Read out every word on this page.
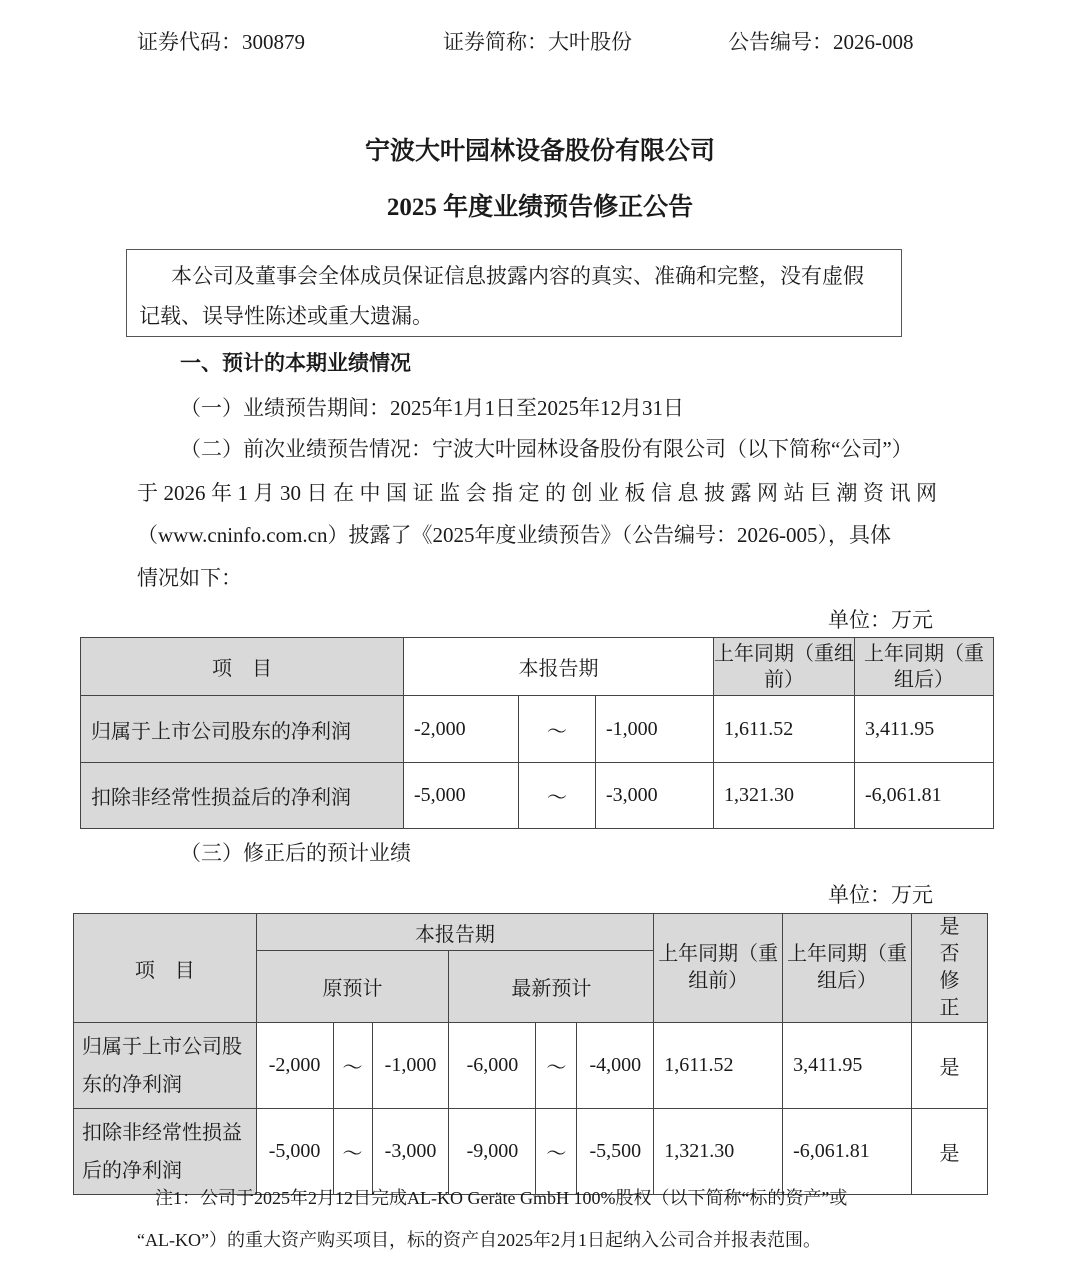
证券代码：300879	证券简称：大叶股份	公告编号：2026-008
宁波大叶园林设备股份有限公司
2025 年度业绩预告修正公告
本公司及董事会全体成员保证信息披露内容的真实、准确和完整，没有虚假
记载、误导性陈述或重大遗漏。
一、预计的本期业绩情况
（一）业绩预告期间：2025年1月1日至2025年12月31日
（二）前次业绩预告情况：宁波大叶园林设备股份有限公司（以下简称“公司”）
于2026年1月30日在中国证监会指定的创业板信息披露网站巨潮资讯网
（www.cninfo.com.cn）披露了《2025年度业绩预告》（公告编号：2026-005），具体
情况如下：
单位：万元
项　目	本报告期			上年同期（重组前）	上年同期（重组后）
归属于上市公司股东的净利润	-2,000	～	-1,000	1,611.52	3,411.95
扣除非经常性损益后的净利润	-5,000	～	-3,000	1,321.30	-6,061.81
（三）修正后的预计业绩
单位：万元
项　目	本报告期						上年同期（重组前）	上年同期（重组后）	是否修正
	原预计			最新预计					
归属于上市公司股东的净利润	-2,000	～	-1,000	-6,000	～	-4,000	1,611.52	3,411.95	是
扣除非经常性损益后的净利润	-5,000	～	-3,000	-9,000	～	-5,500	1,321.30	-6,061.81	是
注1：公司于2025年2月12日完成AL-KO Geräte GmbH 100%股权（以下简称“标的资产”或
“AL-KO”）的重大资产购买项目，标的资产自2025年2月1日起纳入公司合并报表范围。
